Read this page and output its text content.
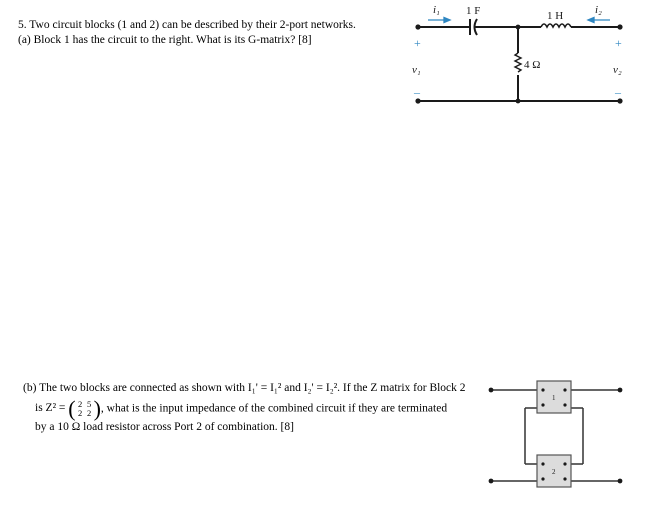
5. Two circuit blocks (1 and 2) can be described by their 2-port networks.

(a) Block 1 has the circuit to the right. What is its G-matrix? [8]

(b) The two blocks are connected as shown with I₁' = I₁² and I₂' = I₂². If the Z matrix for Block 2

is Z² = ( 2 5
2 2 ), what is the input impedance of the combined circuit if they are terminated

by a 10 Ω load resistor across Port 2 of combination. [8]

i₁	i₂
1 F	1 H
4 Ω
v₁	v₂
+	+
–	–
1
2
